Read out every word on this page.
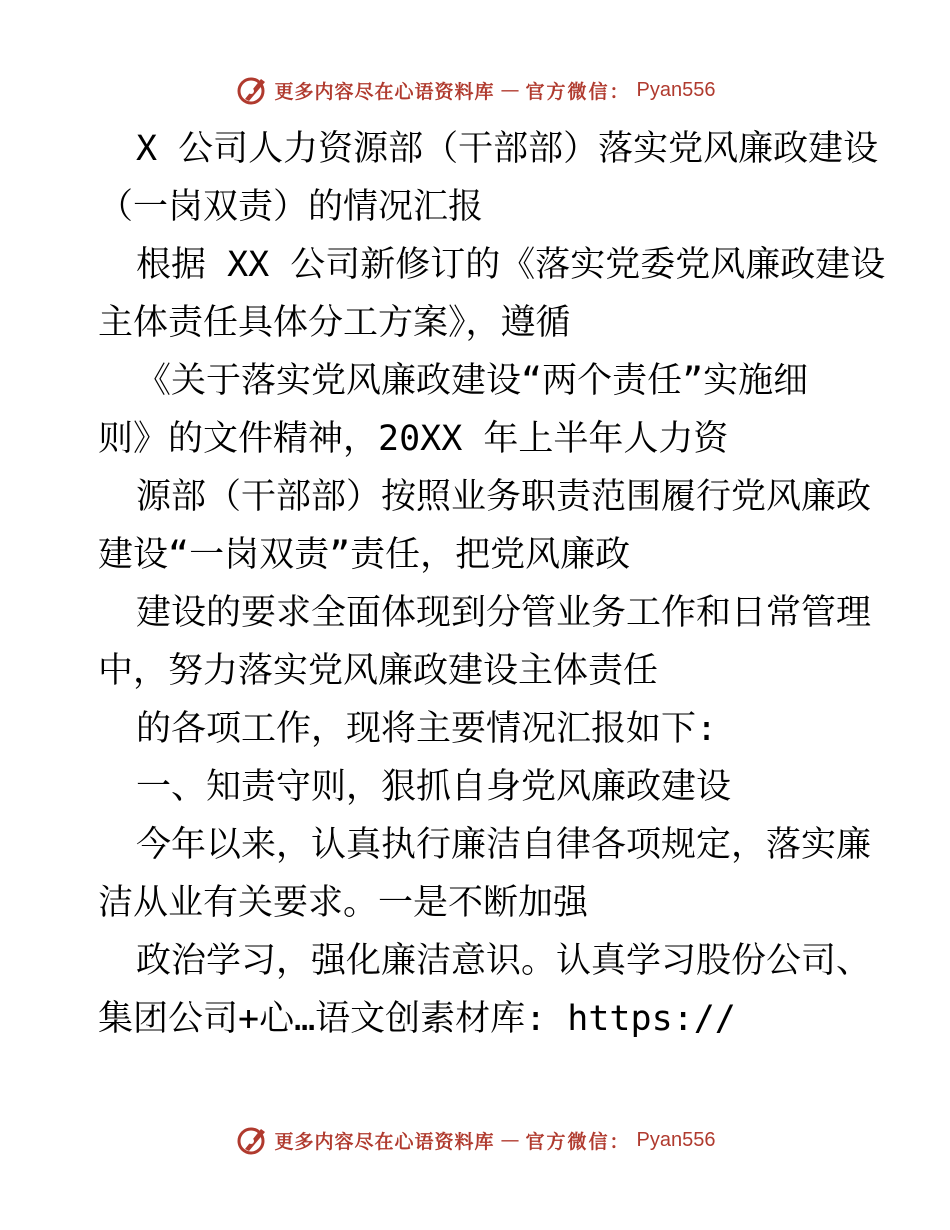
更多内容尽在心语资料库 — 官方微信： Pyan556
X 公司人力资源部（干部部）落实党风廉政建设
（一岗双责）的情况汇报
根据 XX 公司新修订的《落实党委党风廉政建设
主体责任具体分工方案》，遵循
《关于落实党风廉政建设“两个责任”实施细
则》的文件精神，20XX 年上半年人力资
源部（干部部）按照业务职责范围履行党风廉政
建设“一岗双责”责任，把党风廉政
建设的要求全面体现到分管业务工作和日常管理
中，努力落实党风廉政建设主体责任
的各项工作，现将主要情况汇报如下:
一、知责守则，狠抓自身党风廉政建设
今年以来，认真执行廉洁自律各项规定，落实廉
洁从业有关要求。一是不断加强
政治学习，强化廉洁意识。认真学习股份公司、
集团公司+心…语文创素材库: https://
更多内容尽在心语资料库 — 官方微信： Pyan556
